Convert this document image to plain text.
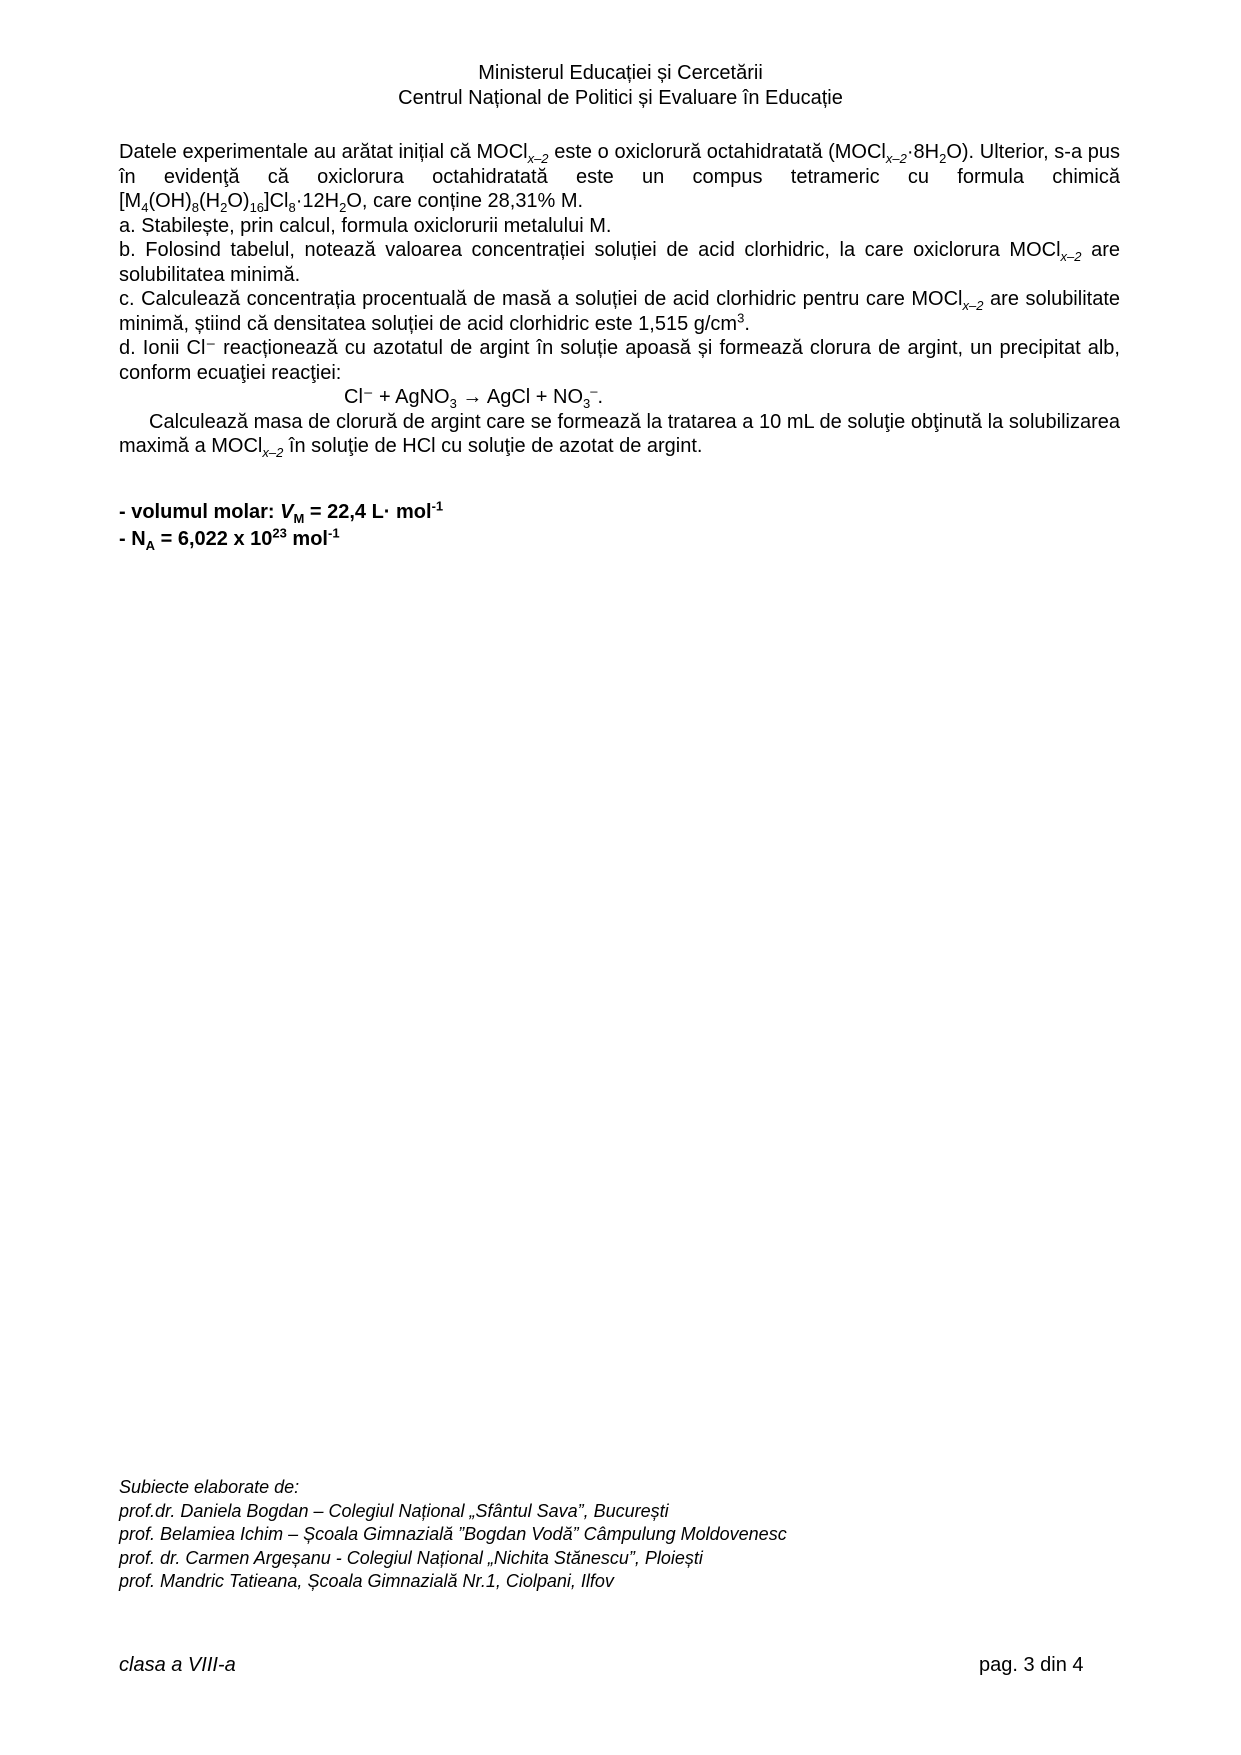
Ministerul Educației și Cercetării
Centrul Național de Politici și Evaluare în Educație

Datele experimentale au arătat inițial că MOCl$_{x-2}$ este o oxiclorură octahidratată $(MOCl_{x-2}\cdot 8H_2O)$. Ulterior, s-a pus în evidenţă că oxiclorura octahidratată este un compus tetrameric cu formula chimică $[M_4(OH)_8(H_2O)_{16}]Cl_8\cdot 12H_2O$, care conține 28,31% M.

a. Stabilește, prin calcul, formula oxiclorurii metalului M.

b. Folosind tabelul, notează valoarea concentrației soluției de acid clorhidric, la care oxiclorura MOCl$_{x-2}$ are solubilitatea minimă.

c. Calculează concentrația procentuală de masă a soluției de acid clorhidric pentru care MOCl$_{x-2}$ are solubilitate minimă, știind că densitatea soluției de acid clorhidric este 1,515 $g/cm^3$.

d. Ionii Cl⁻ reacționează cu azotatul de argint în soluție apoasă și formează clorura de argint, un precipitat alb, conform ecuaţiei reacţiei:

Cl⁻ + AgNO$_3$ → AgCl + $NO_3^-$.

Calculează masa de clorură de argint care se formează la tratarea a 10 mL de soluţie obţinută la solubilizarea maximă a MOCl$_{x-2}$ în soluţie de HCl cu soluţie de azotat de argint.

- volumul molar: $V_M = 22,4$ L· mol$^{-1}$
- $N_A = 6,022$ x $10^{23}$ mol$^{-1}$
Subiecte elaborate de:
prof.dr. Daniela Bogdan – Colegiul Național „Sfântul Sava”, București
prof. Belamiea Ichim – Școala Gimnazială ”Bogdan Vodă” Câmpulung Moldovenesc
prof. dr. Carmen Argeșanu - Colegiul Național „Nichita Stănescu”, Ploiești
prof. Mandric Tatieana, Școala Gimnazială Nr.1, Ciolpani, Ilfov
clasa a VIII-a	pag. 3 din 4
